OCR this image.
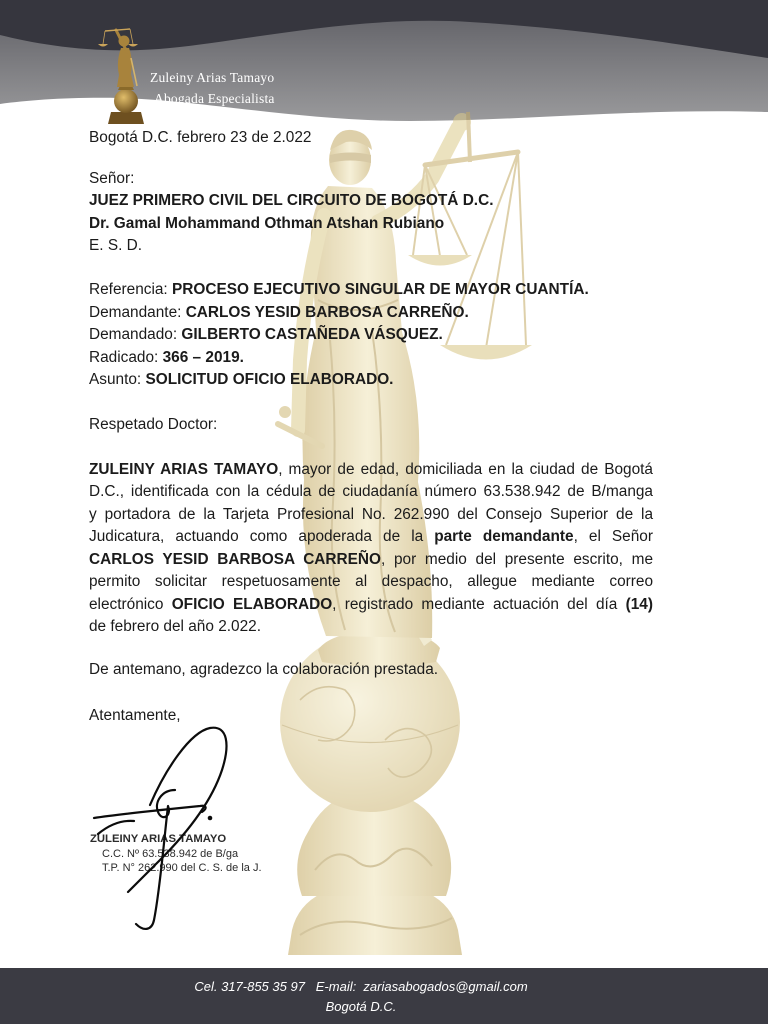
Zuleiny Arias Tamayo
Abogada Especialista
Bogotá D.C. febrero 23 de 2.022
Señor:
JUEZ PRIMERO CIVIL DEL CIRCUITO DE BOGOTÁ D.C.
Dr. Gamal Mohammand Othman Atshan Rubiano
E. S. D.
Referencia: PROCESO EJECUTIVO SINGULAR DE MAYOR CUANTÍA.
Demandante: CARLOS YESID BARBOSA CARREÑO.
Demandado: GILBERTO CASTAÑEDA VÁSQUEZ.
Radicado: 366 – 2019.
Asunto: SOLICITUD OFICIO ELABORADO.
Respetado Doctor:
ZULEINY ARIAS TAMAYO, mayor de edad, domiciliada en la ciudad de Bogotá
D.C., identificada con la cédula de ciudadanía número 63.538.942 de B/manga
y portadora de la Tarjeta Profesional No. 262.990 del Consejo Superior de la
Judicatura, actuando como apoderada de la parte demandante, el Señor
CARLOS YESID BARBOSA CARREÑO, por medio del presente escrito, me
permito solicitar respetuosamente al despacho, allegue mediante correo
electrónico OFICIO ELABORADO, registrado mediante actuación del día (14)
de febrero del año 2.022.
De antemano, agradezco la colaboración prestada.
Atentamente,
ZULEINY ARIAS TAMAYO
C.C. Nº 63.538.942 de B/ga
T.P. N° 262.990 del C. S. de la J.
Cel. 317-855 35 97   E-mail:  zariasabogados@gmail.com
Bogotá D.C.
